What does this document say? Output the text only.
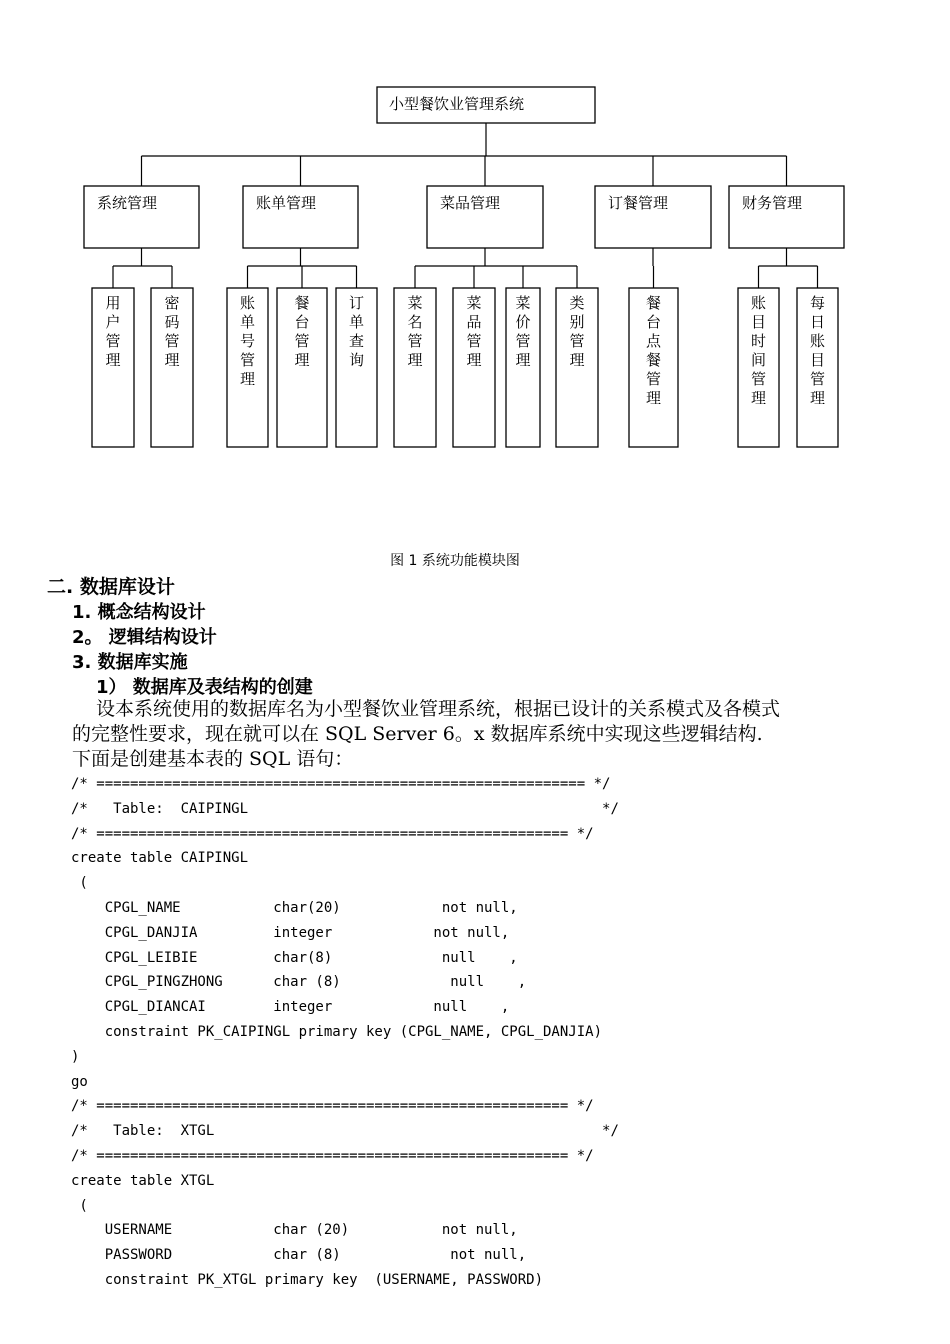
小型餐饮业管理系统
系统管理
用
户
管
理
密
码
管
理
账单管理
账
单
号
管
理
餐
台
管
理
订
单
查
询
菜品管理
菜
名
管
理
菜
品
管
理
菜
价
管
理
类
别
管
理
订餐管理
餐
台
点
餐
管
理
财务管理
账
目
时
间
管
理
每
日
账
目
管
理
图 1 系统功能模块图
二. 数据库设计
1. 概念结构设计
2。 逻辑结构设计
3. 数据库实施
1） 数据库及表结构的创建
设本系统使用的数据库名为小型餐饮业管理系统，根据已设计的关系模式及各模式
的完整性要求，现在就可以在 SQL Server 6。x 数据库系统中实现这些逻辑结构.
下面是创建基本表的 SQL 语句：
/* ========================================================== */
/*   Table:  CAIPINGL                                          */
/* ======================================================== */
create table CAIPINGL
(
CPGL_NAME           char(20)            not null,
CPGL_DANJIA         integer            not null,
CPGL_LEIBIE         char(8)             null    ,
CPGL_PINGZHONG      char (8)             null    ,
CPGL_DIANCAI        integer            null    ,
constraint PK_CAIPINGL primary key (CPGL_NAME, CPGL_DANJIA)
)
go
/* ======================================================== */
/*   Table:  XTGL                                              */
/* ======================================================== */
create table XTGL
(
USERNAME            char (20)           not null,
PASSWORD            char (8)             not null,
constraint PK_XTGL primary key  (USERNAME, PASSWORD)
